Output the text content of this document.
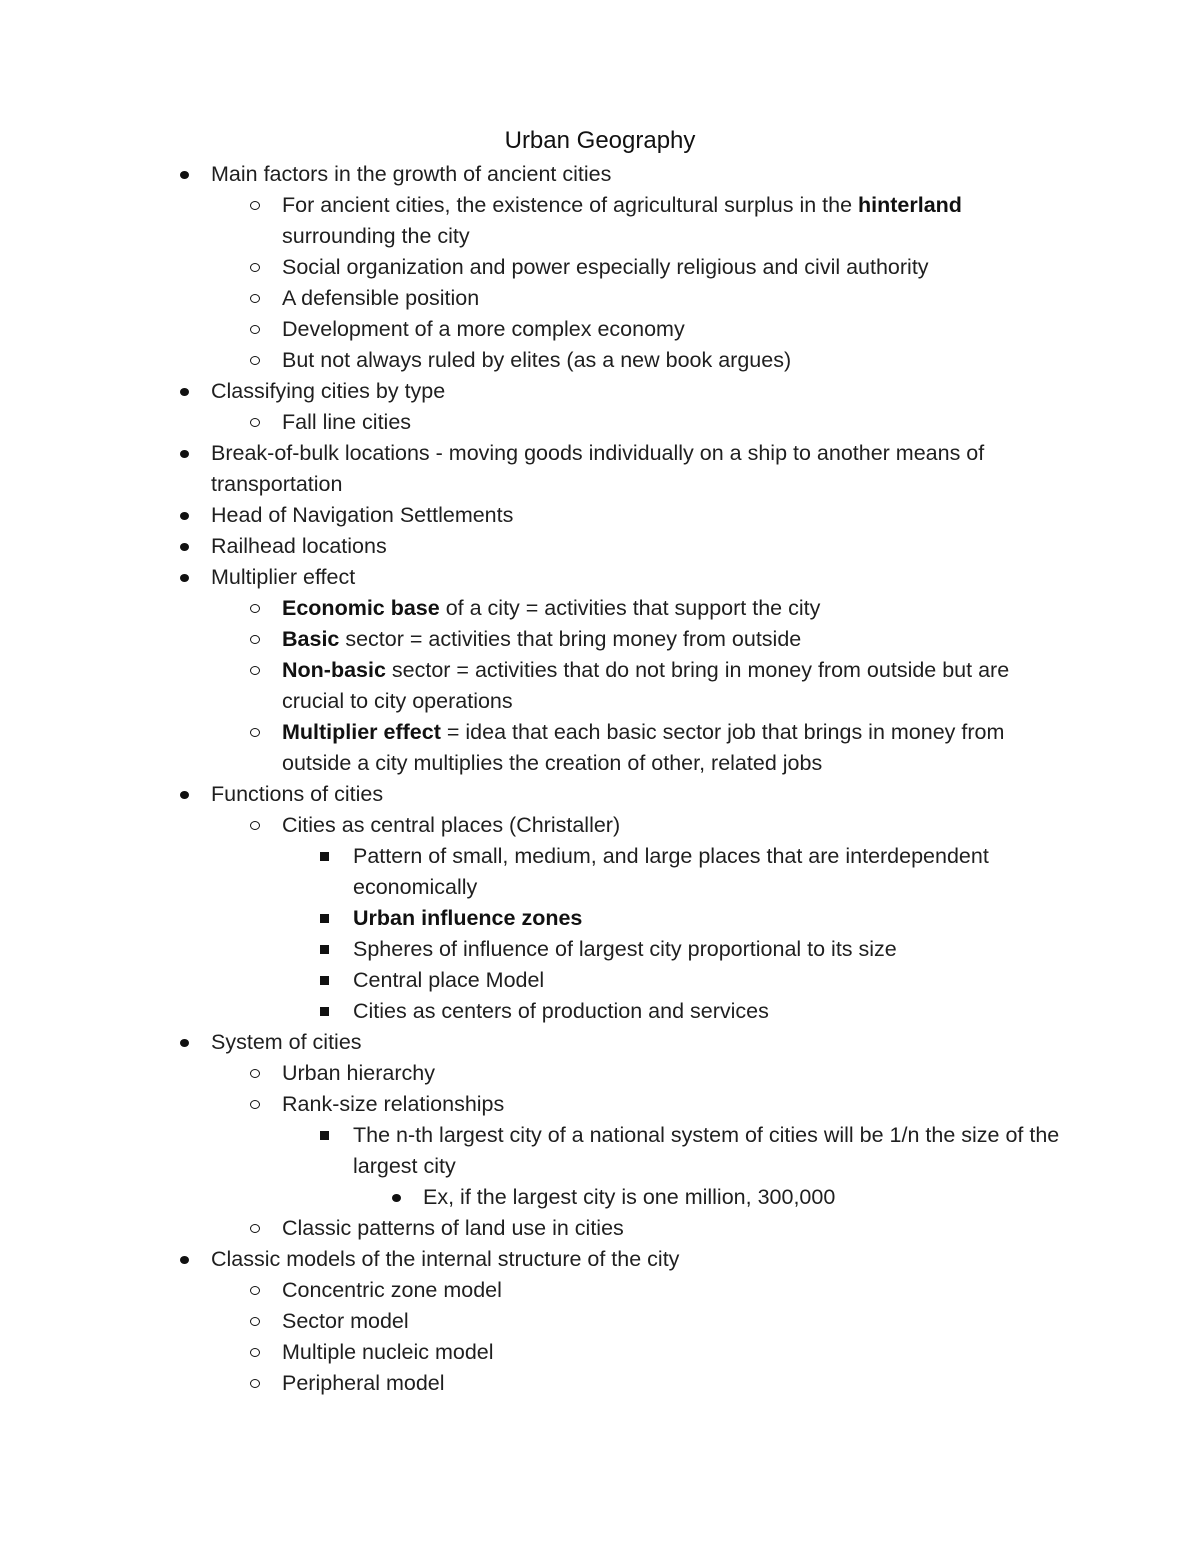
Urban Geography
Main factors in the growth of ancient cities
For ancient cities, the existence of agricultural surplus in the hinterland surrounding the city
Social organization and power especially religious and civil authority
A defensible position
Development of a more complex economy
But not always ruled by elites (as a new book argues)
Classifying cities by type
Fall line cities
Break-of-bulk locations - moving goods individually on a ship to another means of transportation
Head of Navigation Settlements
Railhead locations
Multiplier effect
Economic base of a city = activities that support the city
Basic sector = activities that bring money from outside
Non-basic sector = activities that do not bring in money from outside but are crucial to city operations
Multiplier effect = idea that each basic sector job that brings in money from outside a city multiplies the creation of other, related jobs
Functions of cities
Cities as central places (Christaller)
Pattern of small, medium, and large places that are interdependent economically
Urban influence zones
Spheres of influence of largest city proportional to its size
Central place Model
Cities as centers of production and services
System of cities
Urban hierarchy
Rank-size relationships
The n-th largest city of a national system of cities will be 1/n the size of the largest city
Ex, if the largest city is one million, 300,000
Classic patterns of land use in cities
Classic models of the internal structure of the city
Concentric zone model
Sector model
Multiple nucleic model
Peripheral model
